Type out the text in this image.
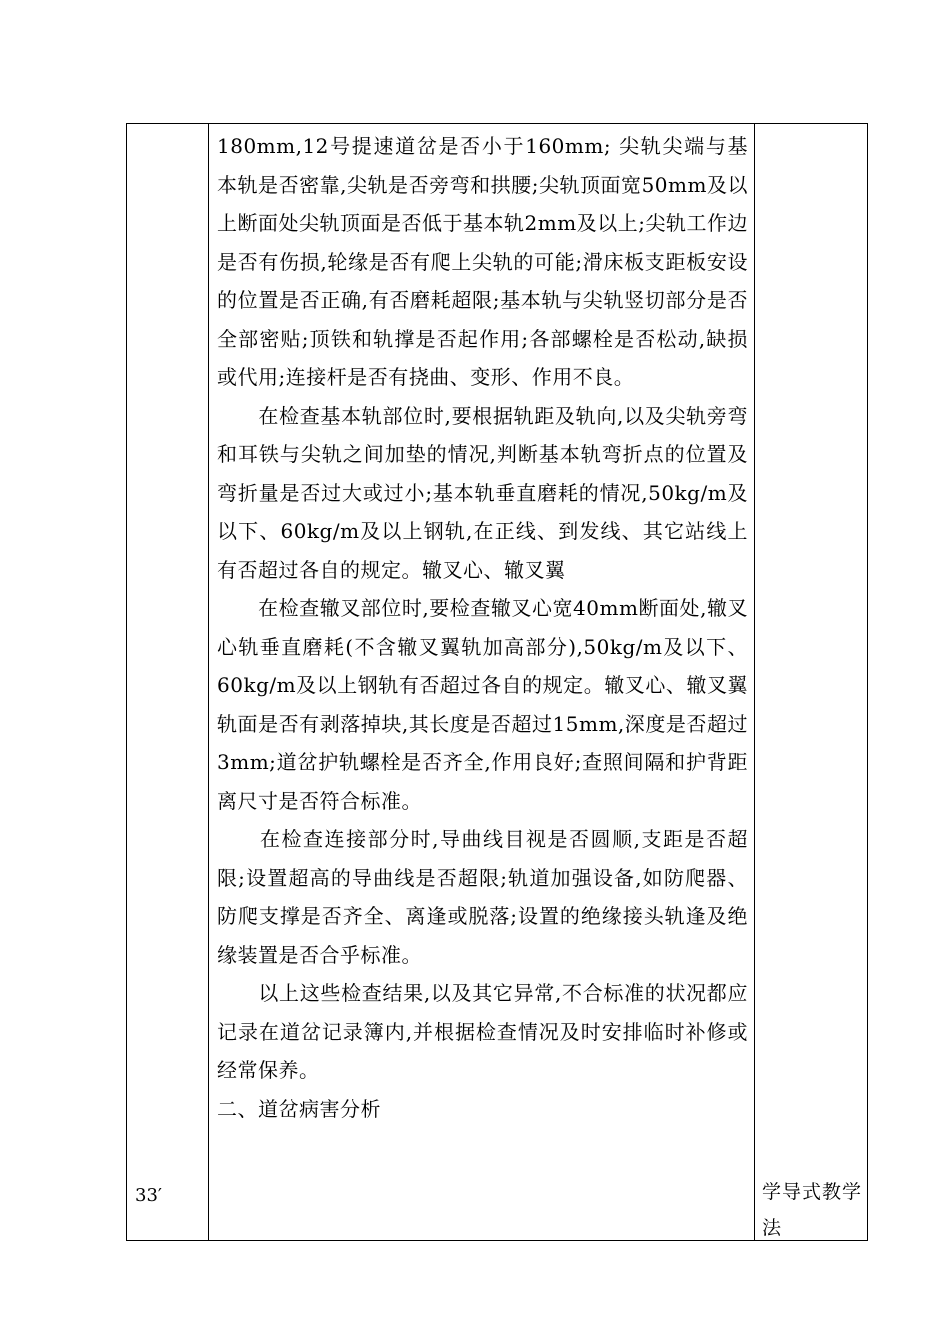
180mm,12号提速道岔是否小于160mm; 尖轨尖端与基本轨是否密靠,尖轨是否旁弯和拱腰;尖轨顶面宽50mm及以上断面处尖轨顶面是否低于基本轨2mm及以上;尖轨工作边是否有伤损,轮缘是否有爬上尖轨的可能;滑床板支距板安设的位置是否正确,有否磨耗超限;基本轨与尖轨竖切部分是否全部密贴;顶铁和轨撑是否起作用;各部螺栓是否松动,缺损或代用;连接杆是否有挠曲、变形、作用不良。

　　在检查基本轨部位时,要根据轨距及轨向,以及尖轨旁弯和耳铁与尖轨之间加垫的情况,判断基本轨弯折点的位置及弯折量是否过大或过小;基本轨垂直磨耗的情况,50kg/m及以下、60kg/m及以上钢轨,在正线、到发线、其它站线上有否超过各自的规定。辙叉心、辙叉翼

　　在检查辙叉部位时,要检查辙叉心宽40mm断面处,辙叉心轨垂直磨耗(不含辙叉翼轨加高部分),50kg/m及以下、60kg/m及以上钢轨有否超过各自的规定。辙叉心、辙叉翼轨面是否有剥落掉块,其长度是否超过15mm,深度是否超过3mm;道岔护轨螺栓是否齐全,作用良好;查照间隔和护背距离尺寸是否符合标准。

　　在检查连接部分时,导曲线目视是否圆顺,支距是否超限;设置超高的导曲线是否超限;轨道加强设备,如防爬器、防爬支撑是否齐全、离逢或脱落;设置的绝缘接头轨逢及绝缘装置是否合乎标准。

　　以上这些检查结果,以及其它异常,不合标准的状况都应记录在道岔记录簿内,并根据检查情况及时安排临时补修或经常保养。

二、道岔病害分析

33′	学导式教学法
